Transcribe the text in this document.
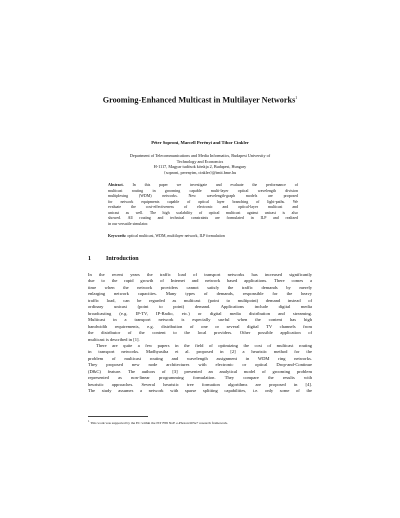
Grooming-Enhanced Multicast in Multilayer Networks$^1$
Péter Soproni, Marcell Perényi and Tibor Cinkler
Department of Telecommunications and Media Informatics, Budapest University of
Technology and Economics
H-1117, Magyar tudósok körútja 2, Budapest, Hungary
{soproni, perenyim, cinkler}@tmit.bme.hu
Abstract. In this paper we investigate and evaluate the performance of
multicast routing in grooming capable multi-layer optical wavelength division
multiplexing (WDM) networks. New wavelength-graph models are proposed
for network equipments capable of optical layer branching of light-paths. We
evaluate the cost-effectiveness of electronic and optical-layer multicast and
unicast as well. The high scalability of optical multicast against unicast is also
showed. All routing and technical constraints are formulated in ILP and realized
in our versatile simulator.
Keywords: optical multicast, WDM, multilayer network, ILP formulation
1	Introduction

In the recent years the traffic load of transport networks has increased significantly
due to the rapid growth of Internet and network based applications. There comes a
time when the network providers cannot satisfy the traffic demands by merely
enlarging network capacities. Many types of demands, responsible for the heavy
traffic load, can be regarded as multicast (point to multipoint) demand instead of
ordinary unicast (point to point) demand. Applications include digital media
broadcasting (e.g. IP-TV, IP-Radio, etc.) or digital media distribution and streaming.
Multicast in a transport network is especially useful when the content has high
bandwidth requirements, e.g. distribution of one or several digital TV channels from
the distributor of the content to the local providers. Other possible application of
multicast is described in [1].

There are quite a few papers in the field of optimizing the cost of multicast routing
in transport networks. Madhyastha et al. proposed in [2] a heuristic method for the
problem of multicast routing and wavelength assignment in WDM ring networks.
They proposed new node architectures with electronic or optical Drop-and-Continue
(D&C) feature. The authors of [3] presented an analytical model of grooming problem
represented as non-linear programming formulation. They compare the results with
heuristic approaches. Several heuristic tree formation algorithms are proposed in [4].
The study assumes a network with sparse splitting capabilities, i.e. only some of the

$^1$ This work was supported by the EC within the IST FP6 NoE e-Photon/ONe+ research framework.
